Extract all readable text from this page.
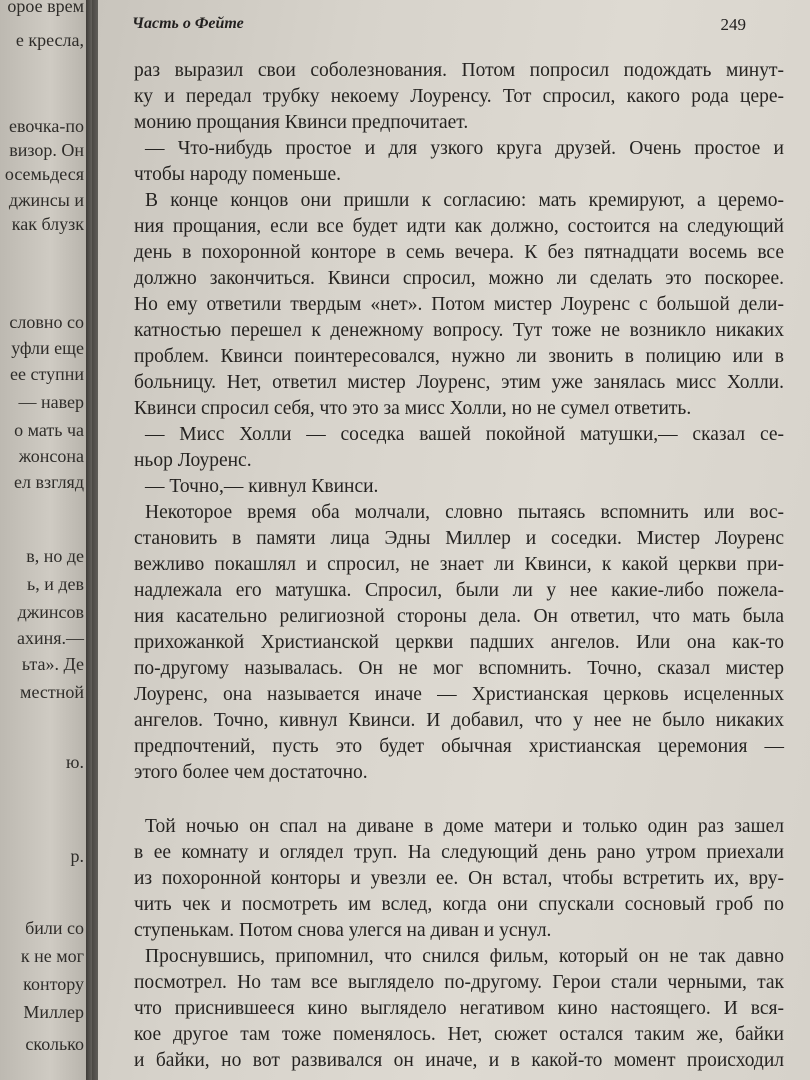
орое врем
е кресла,
евочка-по
визор. Он
осемьдеся
джинсы и
как блузк
словно со
уфли еще
ее ступни
— навер
о мать ча
жонсона
ел взгляд
в, но де
ь, и дев
джинсов
ахиня.—
ьта». Де
местной
ю.
р.
били со
к не мог
контору
Миллер
сколько
Часть о Фейте	249
раз выразил свои соболезнования. Потом попросил подождать минут-
ку и передал трубку некоему Лоуренсу. Тот спросил, какого рода цере-
монию прощания Квинси предпочитает.
— Что-нибудь простое и для узкого круга друзей. Очень простое и
чтобы народу поменьше.
В конце концов они пришли к согласию: мать кремируют, а церемо-
ния прощания, если все будет идти как должно, состоится на следующий
день в похоронной конторе в семь вечера. К без пятнадцати восемь все
должно закончиться. Квинси спросил, можно ли сделать это поскорее.
Но ему ответили твердым «нет». Потом мистер Лоуренс с большой дели-
катностью перешел к денежному вопросу. Тут тоже не возникло никаких
проблем. Квинси поинтересовался, нужно ли звонить в полицию или в
больницу. Нет, ответил мистер Лоуренс, этим уже занялась мисс Холли.
Квинси спросил себя, что это за мисс Холли, но не сумел ответить.
— Мисс Холли — соседка вашей покойной матушки,— сказал се-
ньор Лоуренс.
— Точно,— кивнул Квинси.
Некоторое время оба молчали, словно пытаясь вспомнить или вос-
становить в памяти лица Эдны Миллер и соседки. Мистер Лоуренс
вежливо покашлял и спросил, не знает ли Квинси, к какой церкви при-
надлежала его матушка. Спросил, были ли у нее какие-либо пожела-
ния касательно религиозной стороны дела. Он ответил, что мать была
прихожанкой Христианской церкви падших ангелов. Или она как-то
по-другому называлась. Он не мог вспомнить. Точно, сказал мистер
Лоуренс, она называется иначе — Христианская церковь исцеленных
ангелов. Точно, кивнул Квинси. И добавил, что у нее не было никаких
предпочтений, пусть это будет обычная христианская церемония —
этого более чем достаточно.
Той ночью он спал на диване в доме матери и только один раз зашел
в ее комнату и оглядел труп. На следующий день рано утром приехали
из похоронной конторы и увезли ее. Он встал, чтобы встретить их, вру-
чить чек и посмотреть им вслед, когда они спускали сосновый гроб по
ступенькам. Потом снова улегся на диван и уснул.
Проснувшись, припомнил, что снился фильм, который он не так давно
посмотрел. Но там все выглядело по-другому. Герои стали черными, так
что приснившееся кино выглядело негативом кино настоящего. И вся-
кое другое там тоже поменялось. Нет, сюжет остался таким же, байки
и байки, но вот развивался он иначе, и в какой-то момент происходил
